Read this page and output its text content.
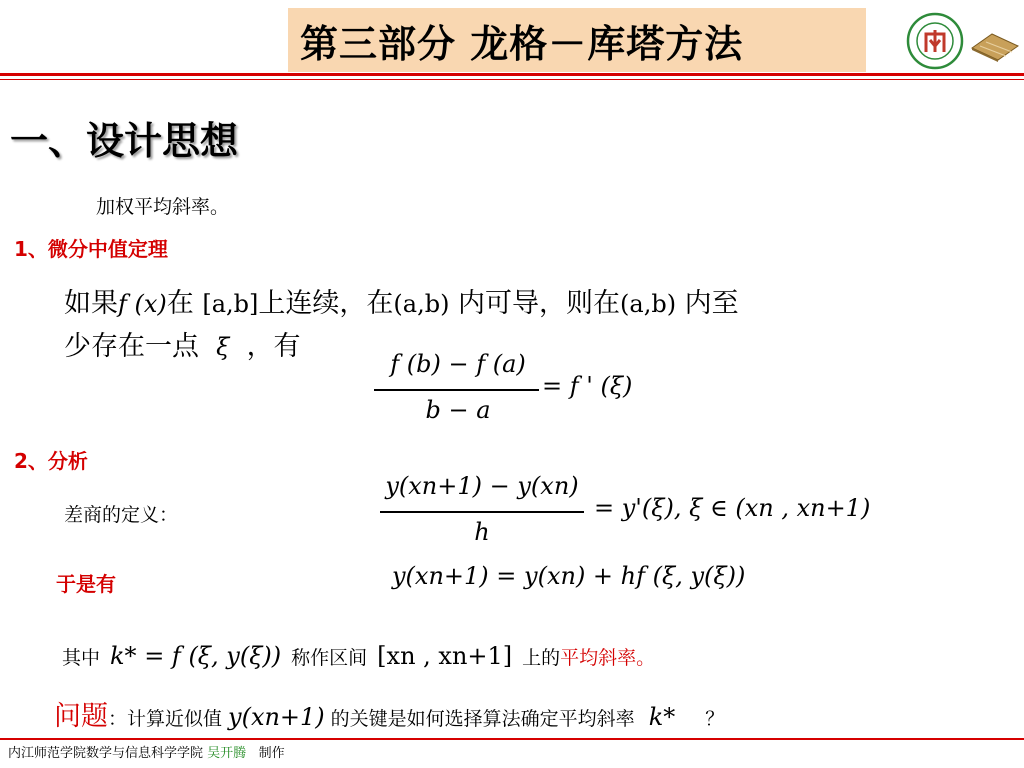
第三部分 龙格－库塔方法
一、设计思想
加权平均斜率。
1、微分中值定理
如果f (x)在 [a,b]上连续，在(a,b) 内可导，则在(a,b) 内至
少存在一点 ξ ，有
f (b) − f (a)
b − a
= f ' (ξ)
2、分析
差商的定义：
y(xn+1) − y(xn)
h
= y'(ξ), ξ ∈ (xn , xn+1)
于是有	y(xn+1) = y(xn) + hf (ξ, y(ξ))
其中 k* = f (ξ, y(ξ)) 称作区间 [xn , xn+1] 上的平均斜率。
问题 ：计算近似值 y(xn+1) 的关键是如何选择算法确定平均斜率 k* ？
内江师范学院数学与信息科学学院 吴开腾 制作
